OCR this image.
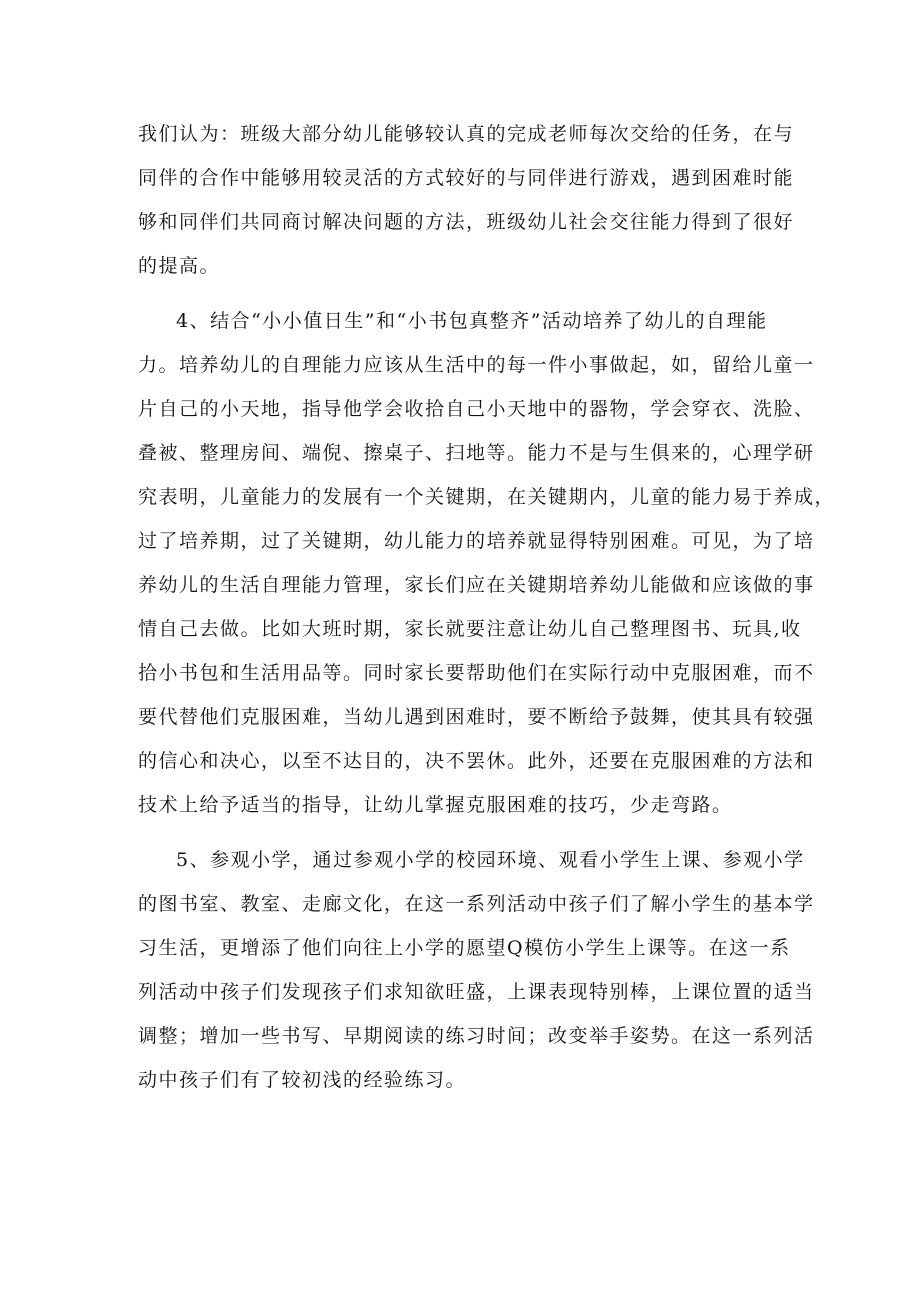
我们认为：班级大部分幼儿能够较认真的完成老师每次交给的任务，在与
同伴的合作中能够用较灵活的方式较好的与同伴进行游戏，遇到困难时能
够和同伴们共同商讨解决问题的方法，班级幼儿社会交往能力得到了很好
的提高。
4、结合“小小值日生”和“小书包真整齐”活动培养了幼儿的自理能
力。培养幼儿的自理能力应该从生活中的每一件小事做起，如，留给儿童一
片自己的小天地，指导他学会收拾自己小天地中的器物，学会穿衣、洗脸、
叠被、整理房间、端倪、擦桌子、扫地等。能力不是与生俱来的，心理学研
究表明，儿童能力的发展有一个关键期，在关键期内，儿童的能力易于养成，
过了培养期，过了关键期，幼儿能力的培养就显得特别困难。可见，为了培
养幼儿的生活自理能力管理，家长们应在关键期培养幼儿能做和应该做的事
情自己去做。比如大班时期，家长就要注意让幼儿自己整理图书、玩具,收
拾小书包和生活用品等。同时家长要帮助他们在实际行动中克服困难，而不
要代替他们克服困难，当幼儿遇到困难时，要不断给予鼓舞，使其具有较强
的信心和决心，以至不达目的，决不罢休。此外，还要在克服困难的方法和
技术上给予适当的指导，让幼儿掌握克服困难的技巧，少走弯路。
5、参观小学，通过参观小学的校园环境、观看小学生上课、参观小学
的图书室、教室、走廊文化，在这一系列活动中孩子们了解小学生的基本学
习生活，更增添了他们向往上小学的愿望Q模仿小学生上课等。在这一系
列活动中孩子们发现孩子们求知欲旺盛，上课表现特别棒，上课位置的适当
调整；增加一些书写、早期阅读的练习时间；改变举手姿势。在这一系列活
动中孩子们有了较初浅的经验练习。
